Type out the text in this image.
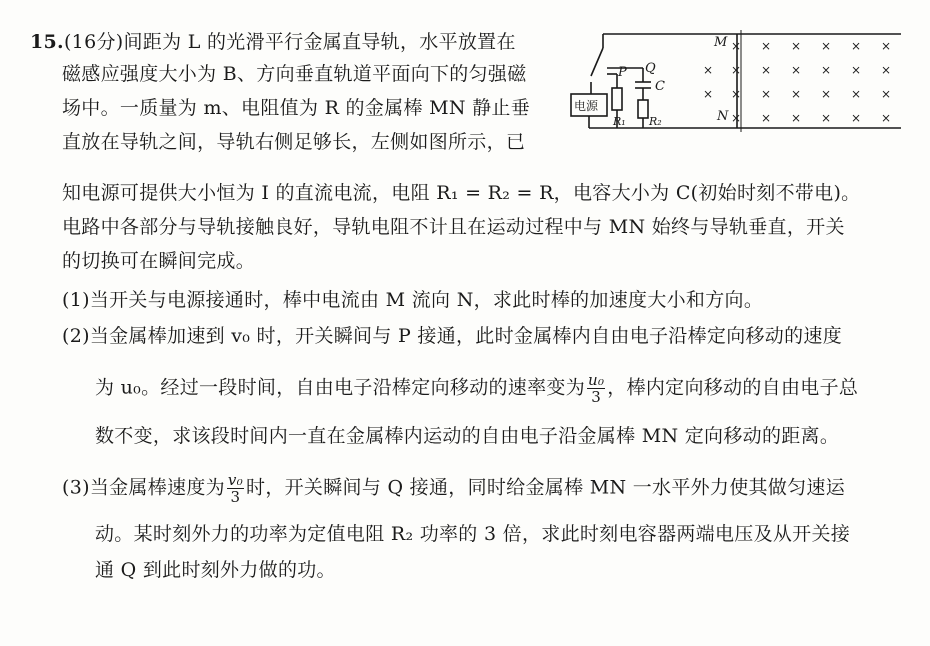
15.(16分)间距为 L 的光滑平行金属直导轨，水平放置在
磁感应强度大小为 B、方向垂直轨道平面向下的匀强磁
场中。一质量为 m、电阻值为 R 的金属棒 MN 静止垂
直放在导轨之间，导轨右侧足够长，左侧如图所示，已
知电源可提供大小恒为 I 的直流电流，电阻 R₁ = R₂ = R，电容大小为 C(初始时刻不带电)。
电路中各部分与导轨接触良好，导轨电阻不计且在运动过程中与 MN 始终与导轨垂直，开关
的切换可在瞬间完成。
(1)当开关与电源接通时，棒中电流由 M 流向 N，求此时棒的加速度大小和方向。
(2)当金属棒加速到 v₀ 时，开关瞬间与 P 接通，此时金属棒内自由电子沿棒定向移动的速度
为 u₀。经过一段时间，自由电子沿棒定向移动的速率变为 $\frac{\text{u₀}}{3}$ ，棒内定向移动的自由电子总
数不变，求该段时间内一直在金属棒内运动的自由电子沿金属棒 MN 定向移动的距离。
(3)当金属棒速度为 $\frac{\text{v₀}}{3}$ 时，开关瞬间与 Q 接通，同时给金属棒 MN 一水平外力使其做匀速运
动。某时刻外力的功率为定值电阻 R₂ 功率的 3 倍，求此时刻电容器两端电压及从开关接
通 Q 到此时刻外力做的功。
电源
P Q
C
R₁ R₂
M
N
× × × × × ×
× × × × × × ×
× × × × × × ×
× × × × × ×
